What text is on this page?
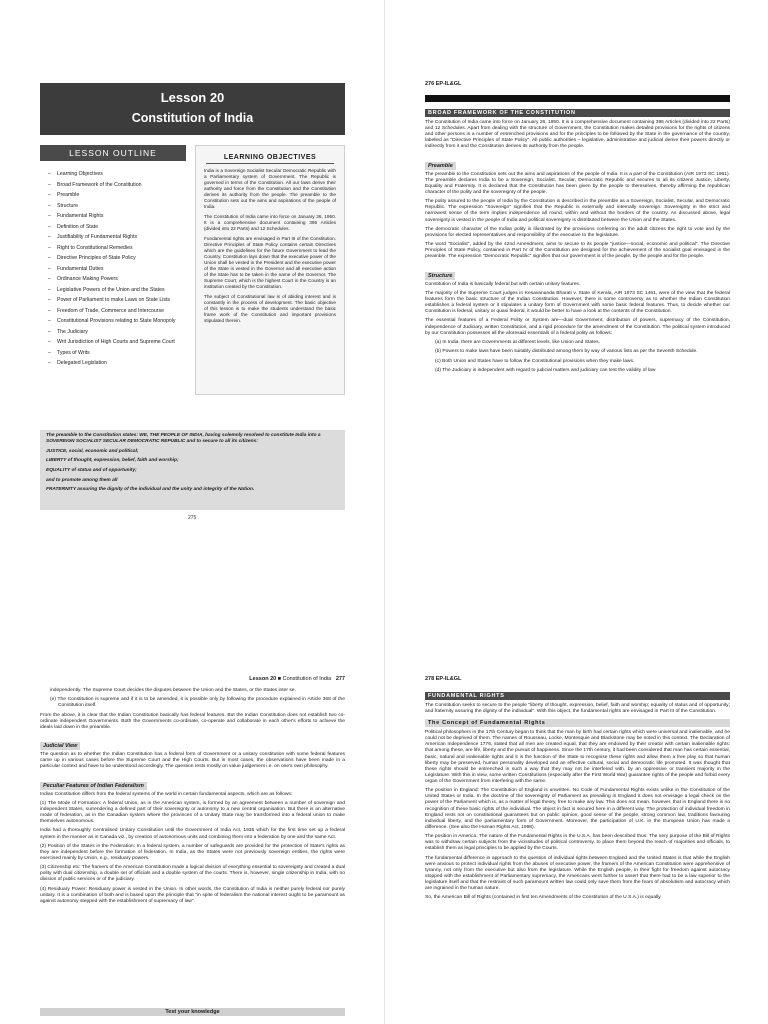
Lesson 20
Constitution of India
LESSON OUTLINE
– Learning Objectives
– Broad Framework of the Constitution
– Preamble
– Structure
– Fundamental Rights
– Definition of State
– Justifiability of Fundamental Rights
– Right to Constitutional Remedies
– Directive Principles of State Policy
– Fundamental Duties
– Ordinance Making Powers
– Legislative Powers of the Union and the States
– Power of Parliament to make Laws on State Lists
– Freedom of Trade, Commerce and Intercourse
– Constitutional Provisions relating to State Monopoly
– The Judiciary
– Writ Jurisdiction of High Courts and Supreme Court
– Types of Writs
– Delegated Legislation
LEARNING OBJECTIVES

India is a Sovereign Socialist Secular Democratic Republic with a Parliamentary system of Government. The Republic is governed in terms of the Constitution. All our laws derive their authority and force from the Constitution and the Constitution derives its authority from the people. The preamble to the Constitution sets out the aims and aspirations of the people of India.

The Constitution of India came into force on January 26, 1950. It is a comprehensive document containing 395 Articles (divided into 22 Parts) and 12 Schedules.

Fundamental rights are envisaged in Part III of the Constitution. Directive Principles of State Policy contains certain Directives which are the guidelines for the future Government to lead the Country. Constitution lays down that the executive power of the Union shall be vested in the President and the executive power of the State is vested in the Governor and all executive action of the State has to be taken in the name of the Governor. The Supreme Court, which is the highest Court in the Country is an institution created by the Constitution.

The subject of Constitutional law is of abiding interest and is constantly in the process of development. The basic objective of this lesson is to make the students understand the basic frame work of the Constitution and important provisions stipulated therein.

The preamble to the Constitution states: WE, THE PEOPLE OF INDIA, having solemnly resolved to constitute India into a SOVEREIGN SOCIALIST SECULAR DEMOCRATIC REPUBLIC and to secure to all its citizens:

JUSTICE, social, economic and political;

LIBERTY of thought, expression, belief, faith and worship;

EQUALITY of status and of opportunity;

and to promote among them all

FRATERNITY assuring the dignity of the individual and the unity and integrity of the Nation.

275
276 EP-IL&GL
BROAD FRAMEWORK OF THE CONSTITUTION

The Constitution of India came into force on January 26, 1950. It is a comprehensive document containing 395 Articles (divided into 22 Parts) and 12 Schedules. Apart from dealing with the structure of Government, the Constitution makes detailed provisions for the rights of citizens and other persons in a number of entrenched provisions and for the principles to be followed by the State in the governance of the country, labelled as "Directive Principles of State Policy". All public authorities – legislative, administrative and judicial derive their powers directly or indirectly from it and the Constitution derives its authority from the people.

Preamble

The preamble to the Constitution sets out the aims and aspirations of the people of India. It is a part of the Constitution (AIR 1973 SC 1961). The preamble declares India to be a Sovereign, Socialist, Secular, Democratic Republic and secures to all its citizens Justice, Liberty, Equality and Fraternity. It is declared that the Constitution has been given by the people to themselves, thereby affirming the republican character of the polity and the sovereignty of the people.

The polity assured to the people of India by the Constitution is described in the preamble as a Sovereign, Socialist, Secular, and Democratic Republic. The expression "Sovereign" signifies that the Republic is externally and internally sovereign. Sovereignty in the strict and narrowest sense of the term implies independence all round, within and without the borders of the country. As discussed above, legal sovereignty is vested in the people of India and political sovereignty is distributed between the Union and the States.

The democratic character of the Indian polity is illustrated by the provisions conferring on the adult citizens the right to vote and by the provisions for elected representatives and responsibility of the executive to the legislature.

The word "Socialist", added by the 42nd Amendment, aims to secure to its people "justice—social, economic and political". The Directive Principles of State Policy, contained in Part IV of the Constitution are designed for the achievement of the socialist goal envisaged in the preamble. The expression "Democratic Republic" signifies that our government is of the people, by the people and for the people.

Structure

Constitution of India is basically federal but with certain unitary features.

The majority of the Supreme Court judges in Kesavananda Bharati v. State of Kerala, AIR 1973 SC 1461, were of the view that the federal features form the basic structure of the Indian Constitution. However, there is some controversy as to whether the Indian Constitution establishes a federal system or it stipulates a unitary form of Government with some basic federal features. Thus, to decide whether our Constitution is federal, unitary or quasi federal, it would be better to have a look at the contents of the Constitution.

The essential features of a Federal Polity or System are—dual Government, distribution of powers, supremacy of the Constitution, independence of Judiciary, written Constitution, and a rigid procedure for the amendment of the Constitution. The political system introduced by our Constitution possesses all the aforesaid essentials of a federal polity as follows:

(a) In India, there are Governments at different levels, like Union and States.

(b) Powers to make laws have been suitably distributed among them by way of various lists as per the Seventh Schedule.

(c) Both Union and States have to follow the Constitutional provisions when they make laws.

(d) The Judiciary is independent with regard to judicial matters and judiciary can test the validity of law

Lesson 20 ■ Constitution of India 277

independently. The Supreme Court decides the disputes between the Union and the States, or the States inter se.

(e) The Constitution is supreme and if it is to be amended, it is possible only by following the procedure explained in Article 368 of the Constitution itself.

From the above, it is clear that the Indian Constitution basically has federal features. But the Indian Constitution does not establish two co-ordinate independent Governments. Both the Governments co-ordinate, co-operate and collaborate in each other's efforts to achieve the ideals laid down in the preamble.

Judicial View

The question as to whether the Indian Constitution has a federal form of Government or a unitary constitution with some federal features came up in various cases before the Supreme Court and the High Courts. But in most cases, the observations have been made in a particular context and have to be understood accordingly. The question rests mostly on value judgement i.e. on one's own philosophy.

Peculiar Features of Indian Federalism

Indian Constitution differs from the federal systems of the world in certain fundamental aspects, which are as follows:

(1) The Mode of Formation: A federal Union, as in the American system, is formed by an agreement between a number of sovereign and independent States, surrendering a defined part of their sovereignty or autonomy to a new central organisation. But there is an alternative mode of federation, as in the Canadian system where the provinces of a Unitary State may be transformed into a federal union to make themselves autonomous.

India had a thoroughly Centralised Unitary Constitution until the Government of India Act, 1935 which for the first time set up a federal system in the manner as in Canada viz., by creation of autonomous units and combining them into a federation by one and the same Act.

(2) Position of the States in the Federation: In a federal system, a number of safeguards are provided for the protection of State's rights as they are independent before the formation of federation. In India, as the States were not previously sovereign entities, the rights were exercised mainly by Union, e.g., residuary powers.

(3) Citizenship etc: The framers of the American Constitution made a logical division of everything essential to sovereignty and created a dual polity with dual citizenship, a double set of officials and a double system of the courts. There is, however, single citizenship in India, with no division of public services or of the judiciary.

(4) Residuary Power: Residuary power is vested in the Union. In other words, the Constitution of India is neither purely federal nor purely unitary. It is a combination of both and is based upon the principle that "in spite of federalism the national interest ought to be paramount as against autonomy stepped with the establishment of supremacy of law".

Test your knowledge
278 EP-IL&GL
FUNDAMENTAL RIGHTS

The Constitution seeks to secure to the people "liberty of thought, expression, belief, faith and worship; equality of status and of opportunity; and fraternity assuring the dignity of the individual". With this object, the fundamental rights are envisaged in Part III of the Constitution.

The Concept of Fundamental Rights

Political philosophers in the 17th Century began to think that the man by birth had certain rights which were universal and inalienable, and he could not be deprived of them. The names of Rousseau, Locke, Montesquie and Blackstone may be noted in this context. The Declaration of American Independence 1776, stated that all men are created equal, that they are endowed by their creator with certain inalienable rights: that among these, are life, liberty and the pursuit of happiness. Since the 17th century, it had been considered that man has certain essential, basic, natural and inalienable rights and it is the function of the State to recognise these rights and allow them a free play so that human liberty may be preserved, human personality developed and an effective cultural, social and democratic life promoted. It was thought that these rights should be entrenched in such a way that they may not be interfered with, by an oppressive or transient majority in the Legislature. With this in view, some written Constitutions (especially after the First World War) guarantee rights of the people and forbid every organ of the Government from interfering with the same.

The position in England: The Constitution of England is unwritten. No Code of Fundamental Rights exists unlike in the Constitution of the United States or India. In the doctrine of the sovereignty of Parliament as prevailing in England it does not envisage a legal check on the power of the Parliament which is, as a matter of legal theory, free to make any law. This does not mean, however, that in England there is no recognition of these basic rights of the individual. The object in fact is secured here in a different way. The protection of individual freedom in England rests not on constitutional guarantees but on public opinion, good sense of the people, strong common law, traditions favouring individual liberty, and the parliamentary form of Government. Moreover, the participation of U.K. in the European Union has made a difference. (See also the Human Rights Act, 1998).

The position in America: The nature of the Fundamental Rights in the U.S.A. has been described thus: The very purpose of the Bill of Rights was to withdraw certain subjects from the vicissitudes of political controversy, to place them beyond the reach of majorities and officials, to establish them as legal principles to be applied by the Courts.

The fundamental difference in approach to the question of individual rights between England and the United States is that while the English were anxious to protect individual rights from the abuses of executive power, the framers of the American Constitution were apprehensive of tyranny, not only from the executive but also from the legislature. While the English people, in their fight for freedom against autocracy stopped with the establishment of Parliamentary supremacy, the Americans went further to assert that there had to be a law superior to the legislature itself and that the restraint of such paramount written law could only save them from the fears of absolutism and autocracy which are ingrained in the human nature.

So, the American Bill of Rights (contained in first ten Amendments of the Constitution of the U.S.A.) is equally
